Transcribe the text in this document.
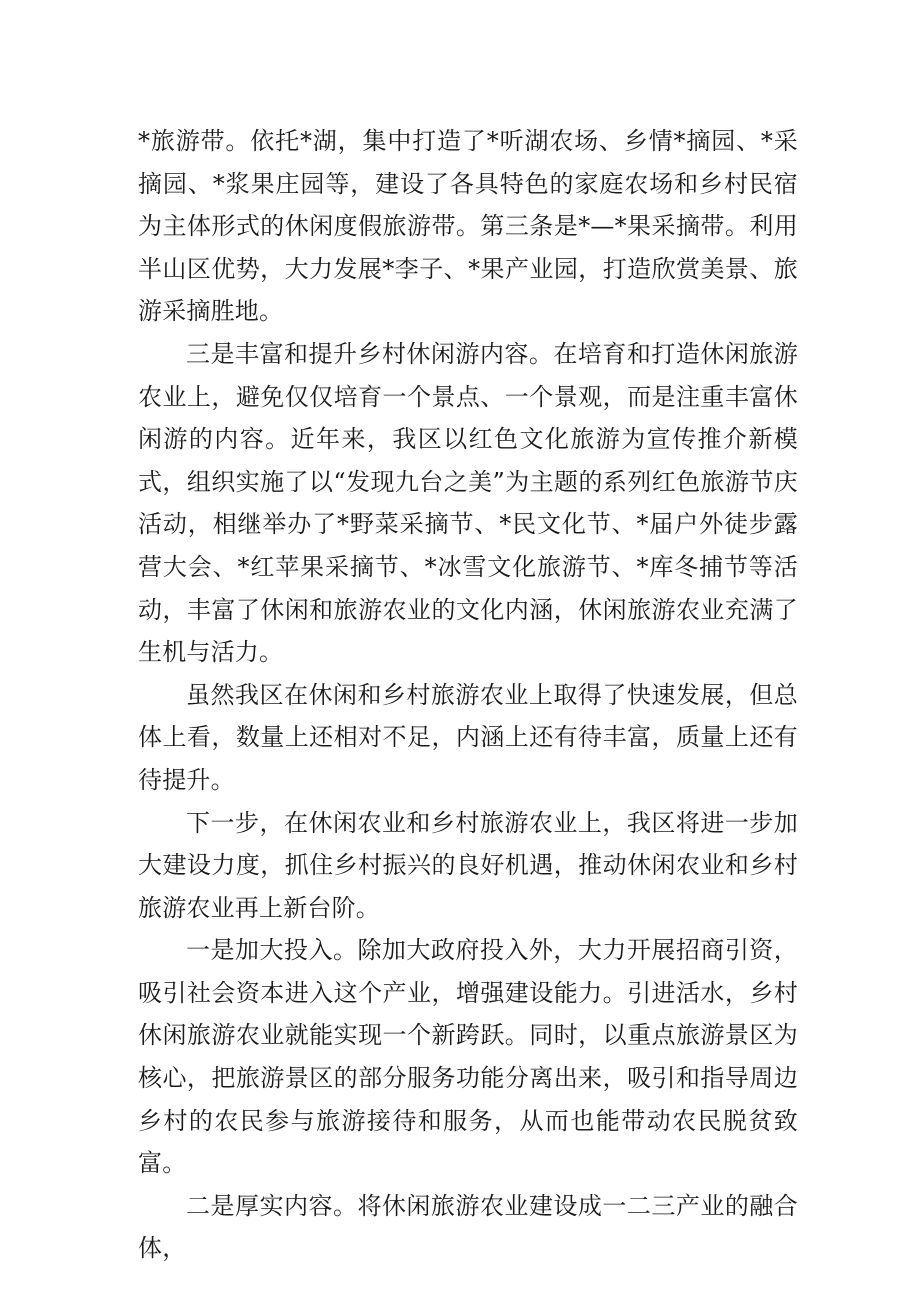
*旅游带。依托*湖，集中打造了*听湖农场、乡情*摘园、*采摘园、*浆果庄园等，建设了各具特色的家庭农场和乡村民宿为主体形式的休闲度假旅游带。第三条是*—*果采摘带。利用半山区优势，大力发展*李子、*果产业园，打造欣赏美景、旅游采摘胜地。

三是丰富和提升乡村休闲游内容。在培育和打造休闲旅游农业上，避免仅仅培育一个景点、一个景观，而是注重丰富休闲游的内容。近年来，我区以红色文化旅游为宣传推介新模式，组织实施了以“发现九台之美”为主题的系列红色旅游节庆活动，相继举办了*野菜采摘节、*民文化节、*届户外徒步露营大会、*红苹果采摘节、*冰雪文化旅游节、*库冬捕节等活动，丰富了休闲和旅游农业的文化内涵，休闲旅游农业充满了生机与活力。

虽然我区在休闲和乡村旅游农业上取得了快速发展，但总体上看，数量上还相对不足，内涵上还有待丰富，质量上还有待提升。

下一步，在休闲农业和乡村旅游农业上，我区将进一步加大建设力度，抓住乡村振兴的良好机遇，推动休闲农业和乡村旅游农业再上新台阶。

一是加大投入。除加大政府投入外，大力开展招商引资，吸引社会资本进入这个产业，增强建设能力。引进活水，乡村休闲旅游农业就能实现一个新跨跃。同时，以重点旅游景区为核心，把旅游景区的部分服务功能分离出来，吸引和指导周边乡村的农民参与旅游接待和服务，从而也能带动农民脱贫致富。

二是厚实内容。将休闲旅游农业建设成一二三产业的融合体，
